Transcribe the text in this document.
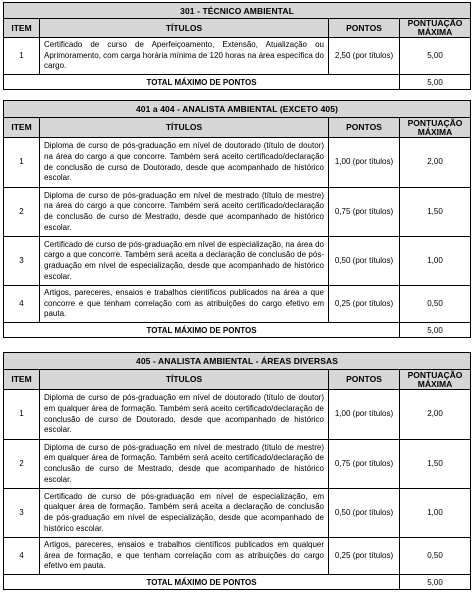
301 - TÉCNICO AMBIENTAL			
ITEM	TÍTULOS	PONTOS	PONTUAÇÃO MÁXIMA
1	Certificado de curso de Aperfeiçoamento, Extensão, Atualização ou Aprimoramento, com carga horária mínima de 120 horas na área específica do cargo.	2,50 (por títulos)	5,00
TOTAL MÁXIMO DE PONTOS			5,00
401 a 404 - ANALISTA AMBIENTAL (EXCETO 405)			
ITEM	TÍTULOS	PONTOS	PONTUAÇÃO MÁXIMA
1	Diploma de curso de pós-graduação em nível de doutorado (título de doutor) na área do cargo a que concorre. Também será aceito certificado/declaração de conclusão de curso de Doutorado, desde que acompanhado de histórico escolar.	1,00 (por títulos)	2,00
2	Diploma de curso de pós-graduação em nível de mestrado (título de mestre) na área do cargo a que concorre. Também será aceito certificado/declaração de conclusão de curso de Mestrado, desde que acompanhado de histórico escolar.	0,75 (por títulos)	1,50
3	Certificado de curso de pós-graduação em nível de especialização, na área do cargo a que concorre. Também será aceita a declaração de conclusão de pós-graduação em nível de especialização, desde que acompanhado de histórico escolar.	0,50 (por títulos)	1,00
4	Artigos, pareceres, ensaios e trabalhos científicos publicados na área a que concorre e que tenham correlação com as atribuições do cargo efetivo em pauta.	0,25 (por títulos)	0,50
TOTAL MÁXIMO DE PONTOS			5,00
405 - ANALISTA AMBIENTAL - ÁREAS DIVERSAS			
ITEM	TÍTULOS	PONTOS	PONTUAÇÃO MÁXIMA
1	Diploma de curso de pós-graduação em nível de doutorado (título de doutor) em qualquer área de formação. Também será aceito certificado/declaração de conclusão de curso de Doutorado, desde que acompanhado de histórico escolar.	1,00 (por títulos)	2,00
2	Diploma de curso de pós-graduação em nível de mestrado (título de mestre) em qualquer área de formação. Também será aceito certificado/declaração de conclusão de curso de Mestrado, desde que acompanhado de histórico escolar.	0,75 (por títulos)	1,50
3	Certificado de curso de pós-graduação em nível de especialização, em qualquer área de formação. Também será aceita a declaração de conclusão de pós-graduação em nível de especialização, desde que acompanhado de histórico escolar.	0,50 (por títulos)	1,00
4	Artigos, pareceres, ensaios e trabalhos científicos publicados em qualquer área de formação, e que tenham correlação com as atribuições do cargo efetivo em pauta.	0,25 (por títulos)	0,50
TOTAL MÁXIMO DE PONTOS			5,00
